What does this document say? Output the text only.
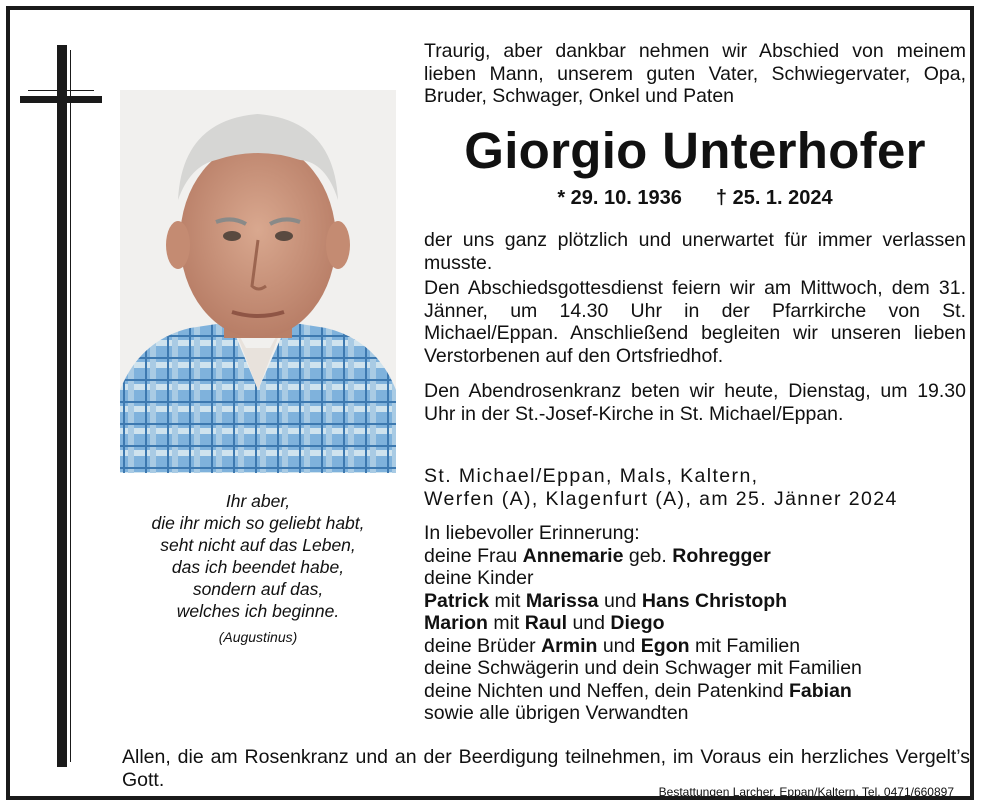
Ihr aber,
die ihr mich so geliebt habt,
seht nicht auf das Leben,
das ich beendet habe,
sondern auf das,
welches ich beginne.
(Augustinus)
Traurig, aber dankbar nehmen wir Abschied von meinem lieben Mann, unserem guten Vater, Schwiegervater, Opa, Bruder, Schwager, Onkel und Paten
Giorgio Unterhofer
* 29. 10. 1936 † 25. 1. 2024
der uns ganz plötzlich und unerwartet für immer verlassen musste.
Den Abschiedsgottesdienst feiern wir am Mittwoch, dem 31. Jänner, um 14.30 Uhr in der Pfarrkirche von St. Michael/Eppan. Anschließend begleiten wir unseren lieben Verstorbenen auf den Ortsfriedhof.
Den Abendrosenkranz beten wir heute, Dienstag, um 19.30 Uhr in der St.-Josef-Kirche in St. Michael/Eppan.
St. Michael/Eppan, Mals, Kaltern,
Werfen (A), Klagenfurt (A), am 25. Jänner 2024
In liebevoller Erinnerung:
deine Frau Annemarie geb. Rohregger
deine Kinder
Patrick mit Marissa und Hans Christoph
Marion mit Raul und Diego
deine Brüder Armin und Egon mit Familien
deine Schwägerin und dein Schwager mit Familien
deine Nichten und Neffen, dein Patenkind Fabian
sowie alle übrigen Verwandten
Allen, die am Rosenkranz und an der Beerdigung teilnehmen, im Voraus ein herzliches Vergelt’s Gott.
Bestattungen Larcher, Eppan/Kaltern, Tel. 0471/660897
